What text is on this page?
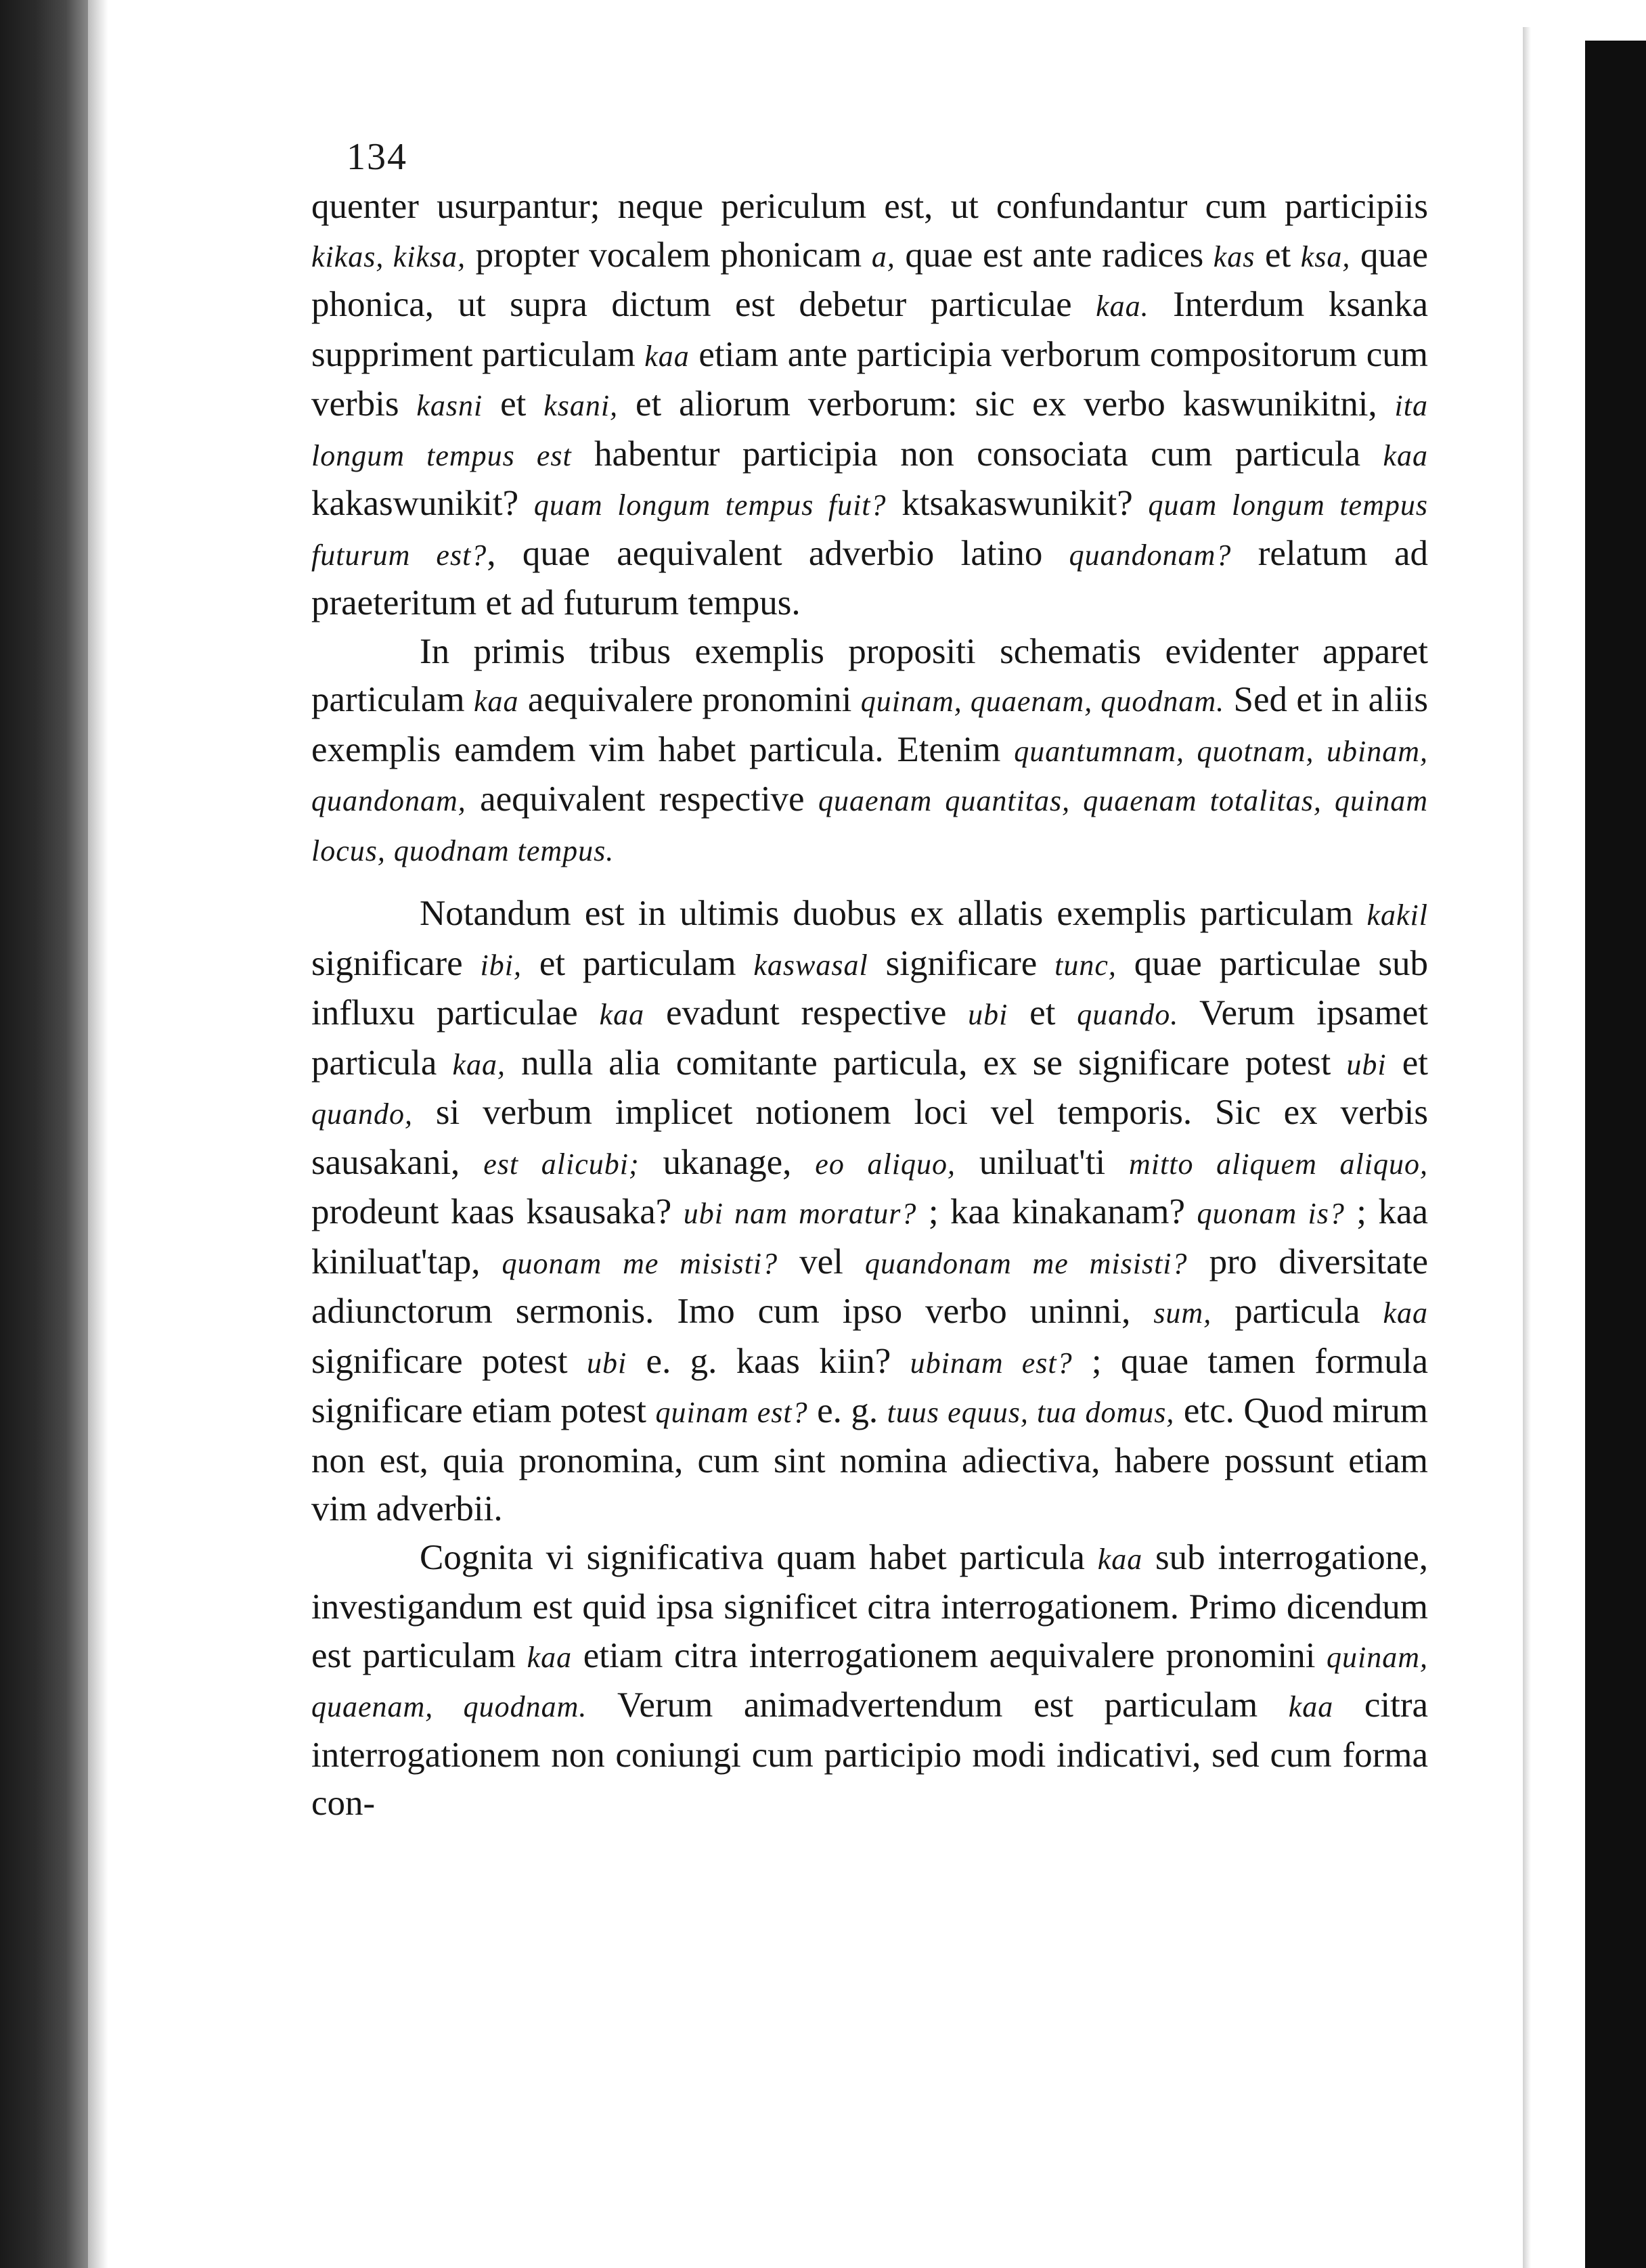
134

quenter usurpantur; neque periculum est, ut confundantur cum participiis kikas, kiksa, propter vocalem phonicam a, quae est ante radices kas et ksa, quae phonica, ut supra dictum est debetur particulae kaa. Interdum ksanka suppriment particulam kaa etiam ante participia verborum compositorum cum verbis kasni et ksani, et aliorum verborum: sic ex verbo kaswunikitni, ita longum tempus est habentur participia non consociata cum particula kaa kakaswunikit? quam longum tempus fuit? ktsakaswunikit? quam longum tempus futurum est?, quae aequivalent adverbio latino quandonam? relatum ad praeteritum et ad futurum tempus.

In primis tribus exemplis propositi schematis evidenter apparet particulam kaa aequivalere pronomini quinam, quaenam, quodnam. Sed et in aliis exemplis eamdem vim habet particula. Etenim quantumnam, quotnam, ubinam, quandonam, aequivalent respective quaenam quantitas, quaenam totalitas, quinam locus, quodnam tempus.

Notandum est in ultimis duobus ex allatis exemplis particulam kakil significare ibi, et particulam kaswasal significare tunc, quae particulae sub influxu particulae kaa evadunt respective ubi et quando. Verum ipsamet particula kaa, nulla alia comitante particula, ex se significare potest ubi et quando, si verbum implicet notionem loci vel temporis. Sic ex verbis sausakani, est alicubi; ukanage, eo aliquo, uniluat'ti mitto aliquem aliquo, prodeunt kaas ksausaka? ubi nam moratur? ; kaa kinakanam? quonam is? ; kaa kiniluat'tap, quonam me misisti? vel quandonam me misisti? pro diversitate adiunctorum sermonis. Imo cum ipso verbo uninni, sum, particula kaa significare potest ubi e. g. kaas kiin? ubinam est? ; quae tamen formula significare etiam potest quinam est? e. g. tuus equus, tua domus, etc. Quod mirum non est, quia pronomina, cum sint nomina adiectiva, habere possunt etiam vim adverbii.

Cognita vi significativa quam habet particula kaa sub interrogatione, investigandum est quid ipsa significet citra interrogationem. Primo dicendum est particulam kaa etiam citra interrogationem aequivalere pronomini quinam, quaenam, quodnam. Verum animadvertendum est particulam kaa citra interrogationem non coniungi cum participio modi indicativi, sed cum forma con-
